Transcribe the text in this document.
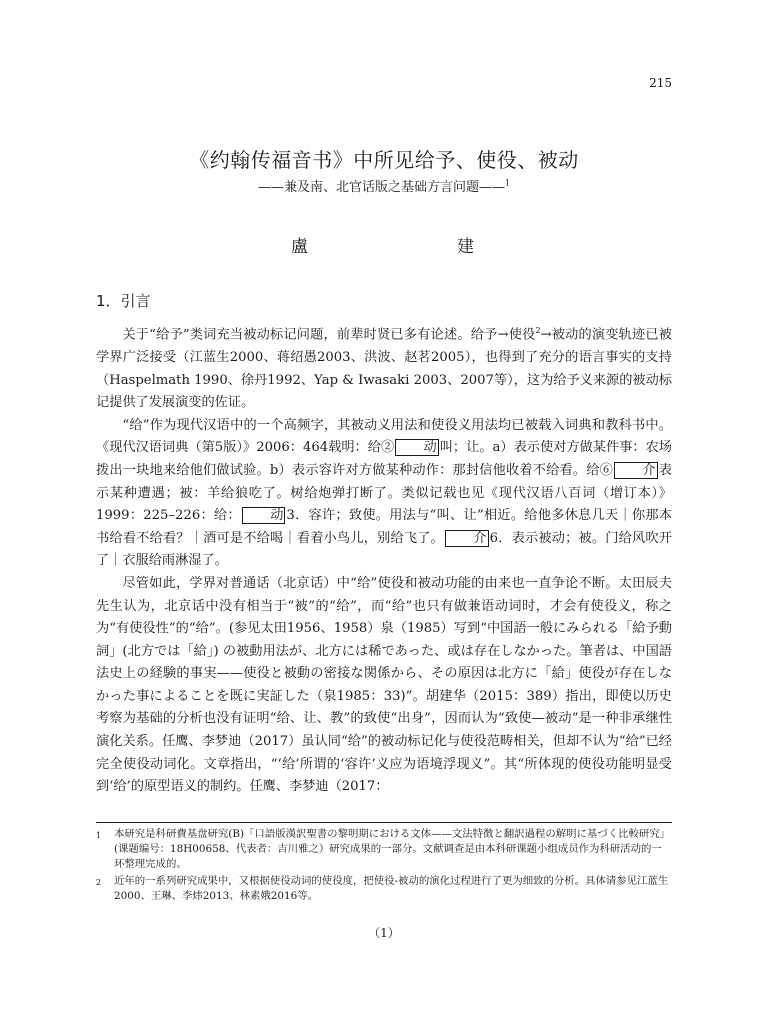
215
《约翰传福音书》中所见给予、使役、被动
——兼及南、北官话版之基础方言问题——$^1$
盧	建
1．引言

关于“给予”类词充当被动标记问题，前辈时贤已多有论述。给予→使役$^2$→被动的演变轨迹已被学界广泛接受（江蓝生2000、蒋绍愚2003、洪波、赵茗2005），也得到了充分的语言事实的支持（Haspelmath 1990、徐丹1992、Yap & Iwasaki 2003、2007等），这为给予义来源的被动标记提供了发展演变的佐证。

“给”作为现代汉语中的一个高频字，其被动义用法和使役义用法均已被载入词典和教科书中。《现代汉语词典（第5版）》2006：464载明：给② 动 叫；让。a）表示使对方做某件事：农场拨出一块地来给他们做试验。b）表示容许对方做某种动作：那封信他收着不给看。给⑥ 介 表示某种遭遇；被：羊给狼吃了。树给炮弹打断了。类似记载也见《现代汉语八百词（增订本）》1999：225–226：给： 动 3．容许；致使。用法与“叫、让”相近。给他多休息几天｜你那本书给看不给看？｜酒可是不给喝｜看着小鸟儿，别给飞了。 介 6．表示被动；被。门给风吹开了｜衣服给雨淋湿了。

尽管如此，学界对普通话（北京话）中“给”使役和被动功能的由来也一直争论不断。太田辰夫先生认为，北京话中没有相当于“被”的“给”，而“给”也只有做兼语动词时，才会有使役义，称之为“有使役性”的“给”。(参见太田1956、1958）泉（1985）写到“中国語一般にみられる「給予動詞」(北方では「給」) の被動用法が、北方には稀であった、或は存在しなかった。筆者は、中国語法史上の経験的事実——使役と被動の密接な関係から、その原因は北方に「給」使役が存在しなかった事によることを既に実証した（泉1985：33)”。胡建华（2015：389）指出，即使以历史考察为基础的分析也没有证明“给、让、教”的致使“出身”，因而认为“致使—被动”是一种非承继性演化关系。任鹰、李梦迪（2017）虽认同“给”的被动标记化与使役范畴相关，但却不认为“给”已经完全使役动词化。文章指出，“‘给’所谓的‘容许’义应为语境浮现义”。其“所体现的使役功能明显受到‘给’的原型语义的制约。任鹰、李梦迪（2017：

1	本研究是科研費基盘研究(B)「口語版漢訳聖書の黎明期における文体——文法特徴と翻訳過程の解明に基づく比較研究」(课题编号：18H00658、代表者：吉川雅之）研究成果的一部分。文献调查是由本科研课题小组成员作为科研活动的一环整理完成的。
2	近年的一系列研究成果中，又根据使役动词的使役度，把使役-被动的演化过程进行了更为细致的分析。具体请参见江蓝生2000、王琳、李炜2013、林素娥2016等。
（1）
